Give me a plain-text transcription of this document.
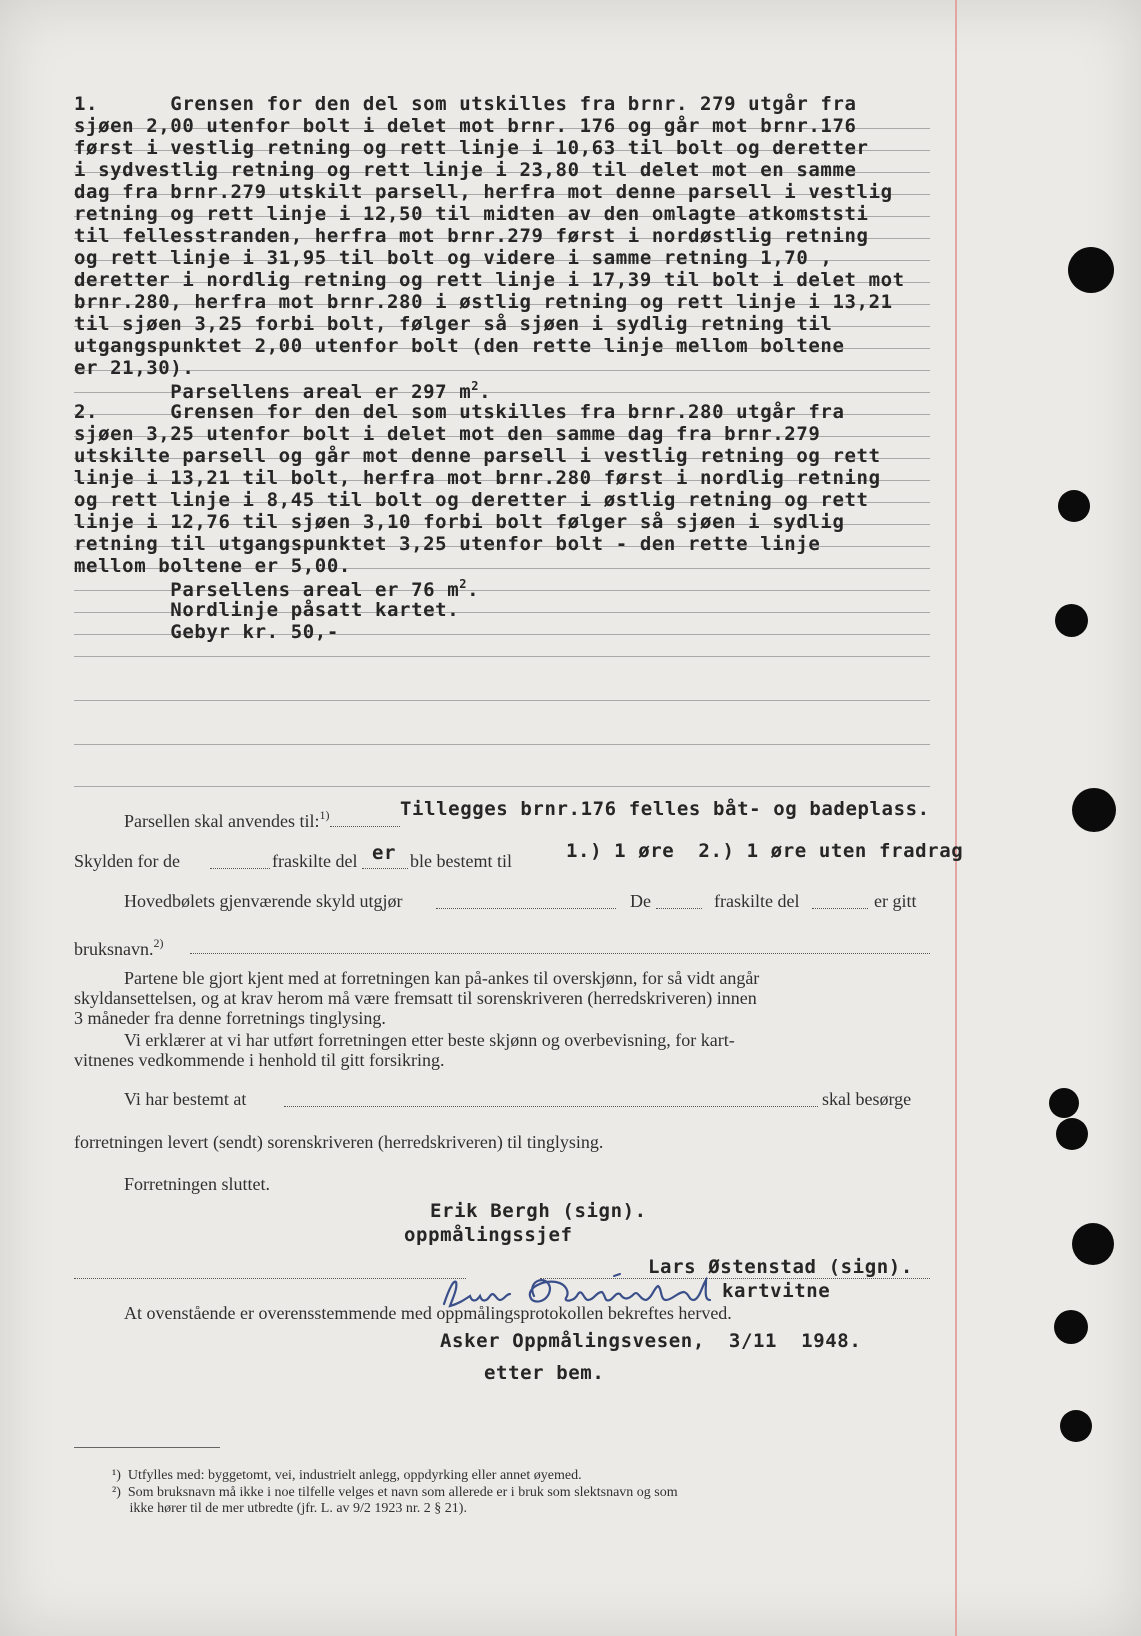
1.      Grensen for den del som utskilles fra brnr. 279 utgår fra
sjøen 2,00 utenfor bolt i delet mot brnr. 176 og går mot brnr.176
først i vestlig retning og rett linje i 10,63 til bolt og deretter
i sydvestlig retning og rett linje i 23,80 til delet mot en samme
dag fra brnr.279 utskilt parsell, herfra mot denne parsell i vestlig
retning og rett linje i 12,50 til midten av den omlagte atkomststi
til fellesstranden, herfra mot brnr.279 først i nordøstlig retning
og rett linje i 31,95 til bolt og videre i samme retning 1,70 ,
deretter i nordlig retning og rett linje i 17,39 til bolt i delet mot
brnr.280, herfra mot brnr.280 i østlig retning og rett linje i 13,21
til sjøen 3,25 forbi bolt, følger så sjøen i sydlig retning til
utgangspunktet 2,00 utenfor bolt (den rette linje mellom boltene
er 21,30).
Parsellens areal er 297 $m^2$.
2.      Grensen for den del som utskilles fra brnr.280 utgår fra
sjøen 3,25 utenfor bolt i delet mot den samme dag fra brnr.279
utskilte parsell og går mot denne parsell i vestlig retning og rett
linje i 13,21 til bolt, herfra mot brnr.280 først i nordlig retning
og rett linje i 8,45 til bolt og deretter i østlig retning og rett
linje i 12,76 til sjøen 3,10 forbi bolt følger så sjøen i sydlig
retning til utgangspunktet 3,25 utenfor bolt - den rette linje
mellom boltene er 5,00.
Parsellens areal er 76 $m^2$.
Nordlinje påsatt kartet.
Gebyr kr. 50,-
Parsellen skal anvendes til:$^{1)}$	Tillegges brnr.176 felles båt- og badeplass.
Skylden for de	fraskilte del er ble bestemt til	1.) 1 øre  2.) 1 øre uten fradrag
Hovedbølets gjenværende skyld utgjør	De	fraskilte del	er gitt
bruksnavn.$^{2)}$
Partene ble gjort kjent med at forretningen kan på-ankes til overskjønn, for så vidt angår
skyldansettelsen, og at krav herom må være fremsatt til sorenskriveren (herredskriveren) innen
3 måneder fra denne forretnings tinglysing.
Vi erklærer at vi har utført forretningen etter beste skjønn og overbevisning, for kart-
vitnenes vedkommende i henhold til gitt forsikring.
Vi har bestemt at	skal besørge
forretningen levert (sendt) sorenskriveren (herredskriveren) til tinglysing.
Forretningen sluttet.
Erik Bergh (sign).
oppmålingssjef
Lars Østenstad (sign).
kartvitne
At ovenstående er overensstemmende med oppmålingsprotokollen bekreftes herved.
Asker Oppmålingsvesen,  3/11  1948.
etter bem.
¹)  Utfylles med: byggetomt, vei, industrielt anlegg, oppdyrking eller annet øyemed.
²)  Som bruksnavn må ikke i noe tilfelle velges et navn som allerede er i bruk som slektsnavn og som
ikke hører til de mer utbredte (jfr. L. av 9/2 1923 nr. 2 § 21).
